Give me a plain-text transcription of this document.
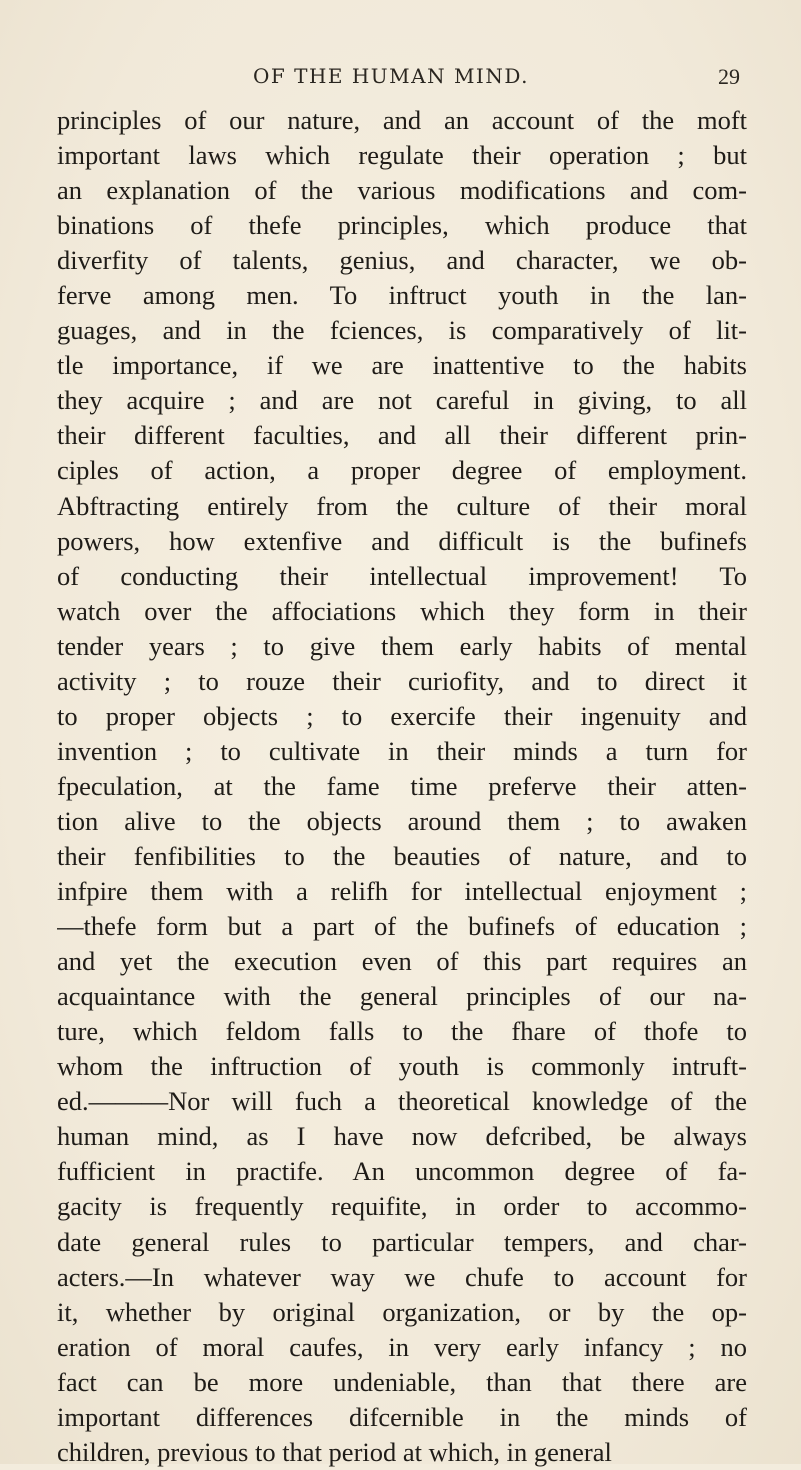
OF THE HUMAN MIND.	29
principles of our nature, and an account of the moft
important laws which regulate their operation ; but
an explanation of the various modifications and com-
binations of thefe principles, which produce that
diverfity of talents, genius, and character, we ob-
ferve among men. To inftruct youth in the lan-
guages, and in the fciences, is comparatively of lit-
tle importance, if we are inattentive to the habits
they acquire ; and are not careful in giving, to all
their different faculties, and all their different prin-
ciples of action, a proper degree of employment.
Abftracting entirely from the culture of their moral
powers, how extenfive and difficult is the bufinefs
of conducting their intellectual improvement! To
watch over the affociations which they form in their
tender years ; to give them early habits of mental
activity ; to rouze their curiofity, and to direct it
to proper objects ; to exercife their ingenuity and
invention ; to cultivate in their minds a turn for
fpeculation, at the fame time preferve their atten-
tion alive to the objects around them ; to awaken
their fenfibilities to the beauties of nature, and to
infpire them with a relifh for intellectual enjoyment ;
—thefe form but a part of the bufinefs of education ;
and yet the execution even of this part requires an
acquaintance with the general principles of our na-
ture, which feldom falls to the fhare of thofe to
whom the inftruction of youth is commonly intruft-
ed.———Nor will fuch a theoretical knowledge of the
human mind, as I have now defcribed, be always
fufficient in practife. An uncommon degree of fa-
gacity is frequently requifite, in order to accommo-
date general rules to particular tempers, and char-
acters.—In whatever way we chufe to account for
it, whether by original organization, or by the op-
eration of moral caufes, in very early infancy ; no
fact can be more undeniable, than that there are
important differences difcernible in the minds of
children, previous to that period at which, in general
